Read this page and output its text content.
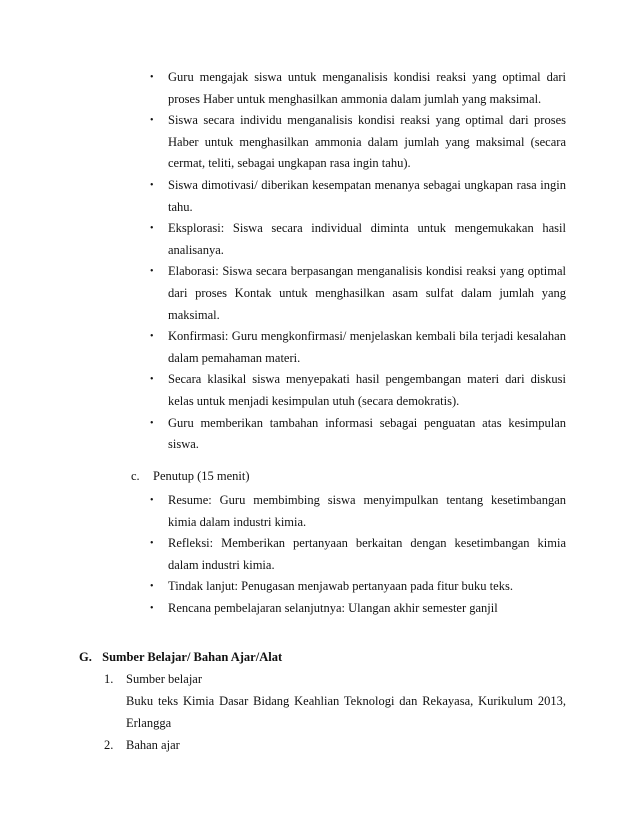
• Guru mengajak siswa untuk menganalisis kondisi reaksi yang optimal dari proses Haber untuk menghasilkan ammonia dalam jumlah yang maksimal.
• Siswa secara individu menganalisis kondisi reaksi yang optimal dari proses Haber untuk menghasilkan ammonia dalam jumlah yang maksimal (secara cermat, teliti, sebagai ungkapan rasa ingin tahu).
• Siswa dimotivasi/ diberikan kesempatan menanya sebagai ungkapan rasa ingin tahu.
• Eksplorasi: Siswa secara individual diminta untuk mengemukakan hasil analisanya.
• Elaborasi: Siswa secara berpasangan menganalisis kondisi reaksi yang optimal dari proses Kontak untuk menghasilkan asam sulfat dalam jumlah yang maksimal.
• Konfirmasi: Guru mengkonfirmasi/ menjelaskan kembali bila terjadi kesalahan dalam pemahaman materi.
• Secara klasikal siswa menyepakati hasil pengembangan materi dari diskusi kelas untuk menjadi kesimpulan utuh (secara demokratis).
• Guru memberikan tambahan informasi sebagai penguatan atas kesimpulan siswa.
c. Penutup (15 menit)
• Resume: Guru membimbing siswa menyimpulkan tentang kesetimbangan kimia dalam industri kimia.
• Refleksi: Memberikan pertanyaan berkaitan dengan kesetimbangan kimia dalam industri kimia.
• Tindak lanjut: Penugasan menjawab pertanyaan pada fitur buku teks.
• Rencana pembelajaran selanjutnya: Ulangan akhir semester ganjil
G. Sumber Belajar/ Bahan Ajar/Alat
1.	Sumber belajar
Buku teks Kimia Dasar Bidang Keahlian Teknologi dan Rekayasa, Kurikulum 2013, Erlangga
2.	Bahan ajar
